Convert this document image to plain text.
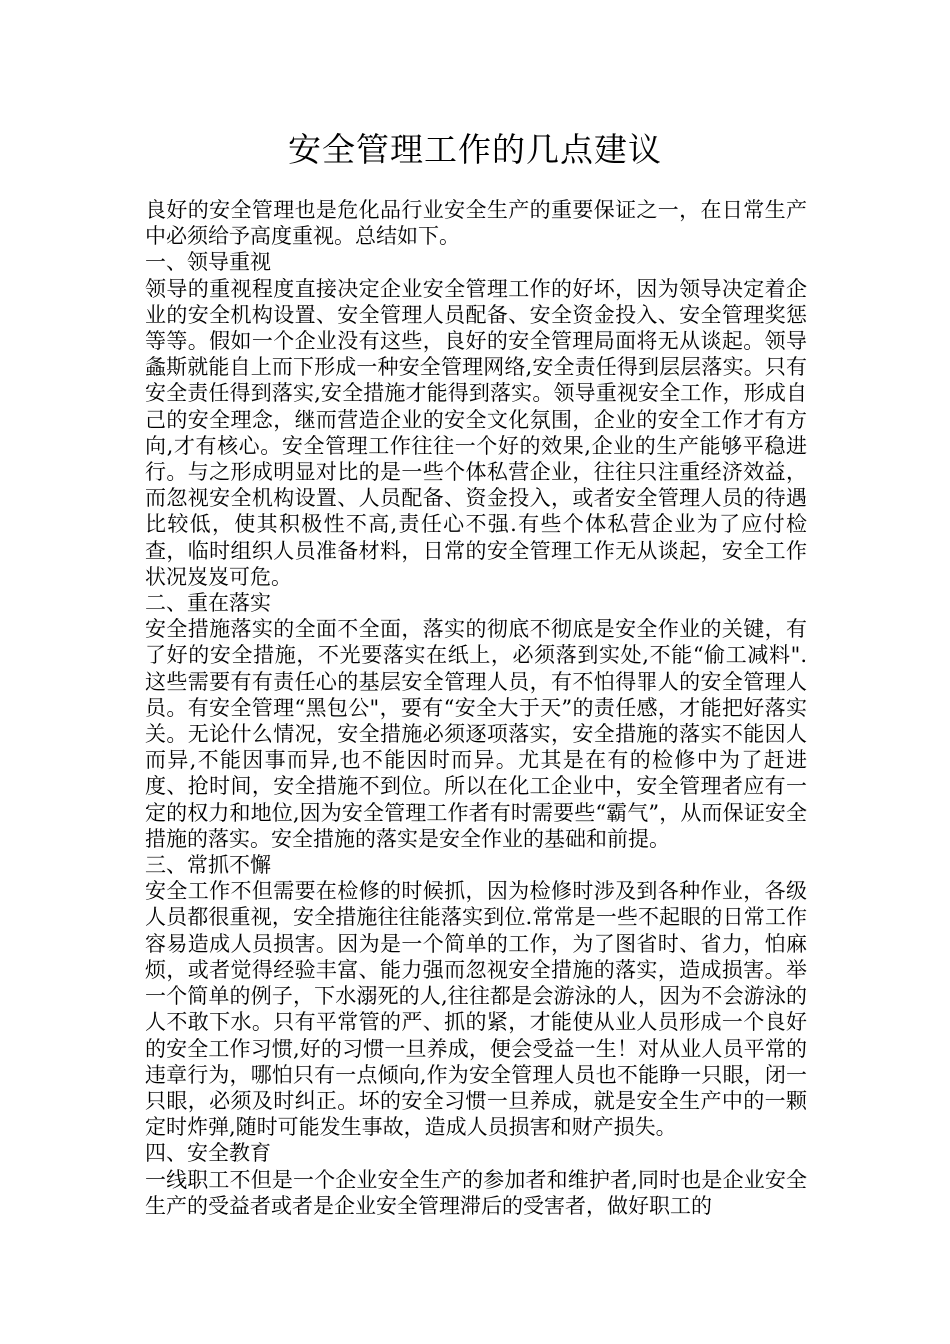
安全管理工作的几点建议

良好的安全管理也是危化品行业安全生产的重要保证之一，在日常生产中必须给予高度重视。总结如下。

一、领导重视

领导的重视程度直接决定企业安全管理工作的好坏，因为领导决定着企业的安全机构设置、安全管理人员配备、安全资金投入、安全管理奖惩等等。假如一个企业没有这些，良好的安全管理局面将无从谈起。领导螽斯就能自上而下形成一种安全管理网络,安全责任得到层层落实。只有安全责任得到落实,安全措施才能得到落实。领导重视安全工作，形成自己的安全理念，继而营造企业的安全文化氛围，企业的安全工作才有方向,才有核心。安全管理工作往往一个好的效果,企业的生产能够平稳进行。与之形成明显对比的是一些个体私营企业，往往只注重经济效益，而忽视安全机构设置、人员配备、资金投入，或者安全管理人员的待遇比较低，使其积极性不高,责任心不强.有些个体私营企业为了应付检查，临时组织人员准备材料，日常的安全管理工作无从谈起，安全工作状况岌岌可危。

二、重在落实

安全措施落实的全面不全面，落实的彻底不彻底是安全作业的关键，有了好的安全措施，不光要落实在纸上，必须落到实处,不能“偷工减料".这些需要有有责任心的基层安全管理人员，有不怕得罪人的安全管理人员。有安全管理“黑包公"，要有“安全大于天”的责任感，才能把好落实关。无论什么情况，安全措施必须逐项落实，安全措施的落实不能因人而异,不能因事而异,也不能因时而异。尤其是在有的检修中为了赶进度、抢时间，安全措施不到位。所以在化工企业中，安全管理者应有一定的权力和地位,因为安全管理工作者有时需要些“霸气”，从而保证安全措施的落实。安全措施的落实是安全作业的基础和前提。

三、常抓不懈

安全工作不但需要在检修的时候抓，因为检修时涉及到各种作业，各级人员都很重视，安全措施往往能落实到位.常常是一些不起眼的日常工作容易造成人员损害。因为是一个简单的工作，为了图省时、省力，怕麻烦，或者觉得经验丰富、能力强而忽视安全措施的落实，造成损害。举一个简单的例子，下水溺死的人,往往都是会游泳的人，因为不会游泳的人不敢下水。只有平常管的严、抓的紧，才能使从业人员形成一个良好的安全工作习惯,好的习惯一旦养成，便会受益一生！对从业人员平常的违章行为，哪怕只有一点倾向,作为安全管理人员也不能睁一只眼，闭一只眼，必须及时纠正。坏的安全习惯一旦养成，就是安全生产中的一颗定时炸弹,随时可能发生事故，造成人员损害和财产损失。

四、安全教育

一线职工不但是一个企业安全生产的参加者和维护者,同时也是企业安全生产的受益者或者是企业安全管理滞后的受害者，做好职工的
